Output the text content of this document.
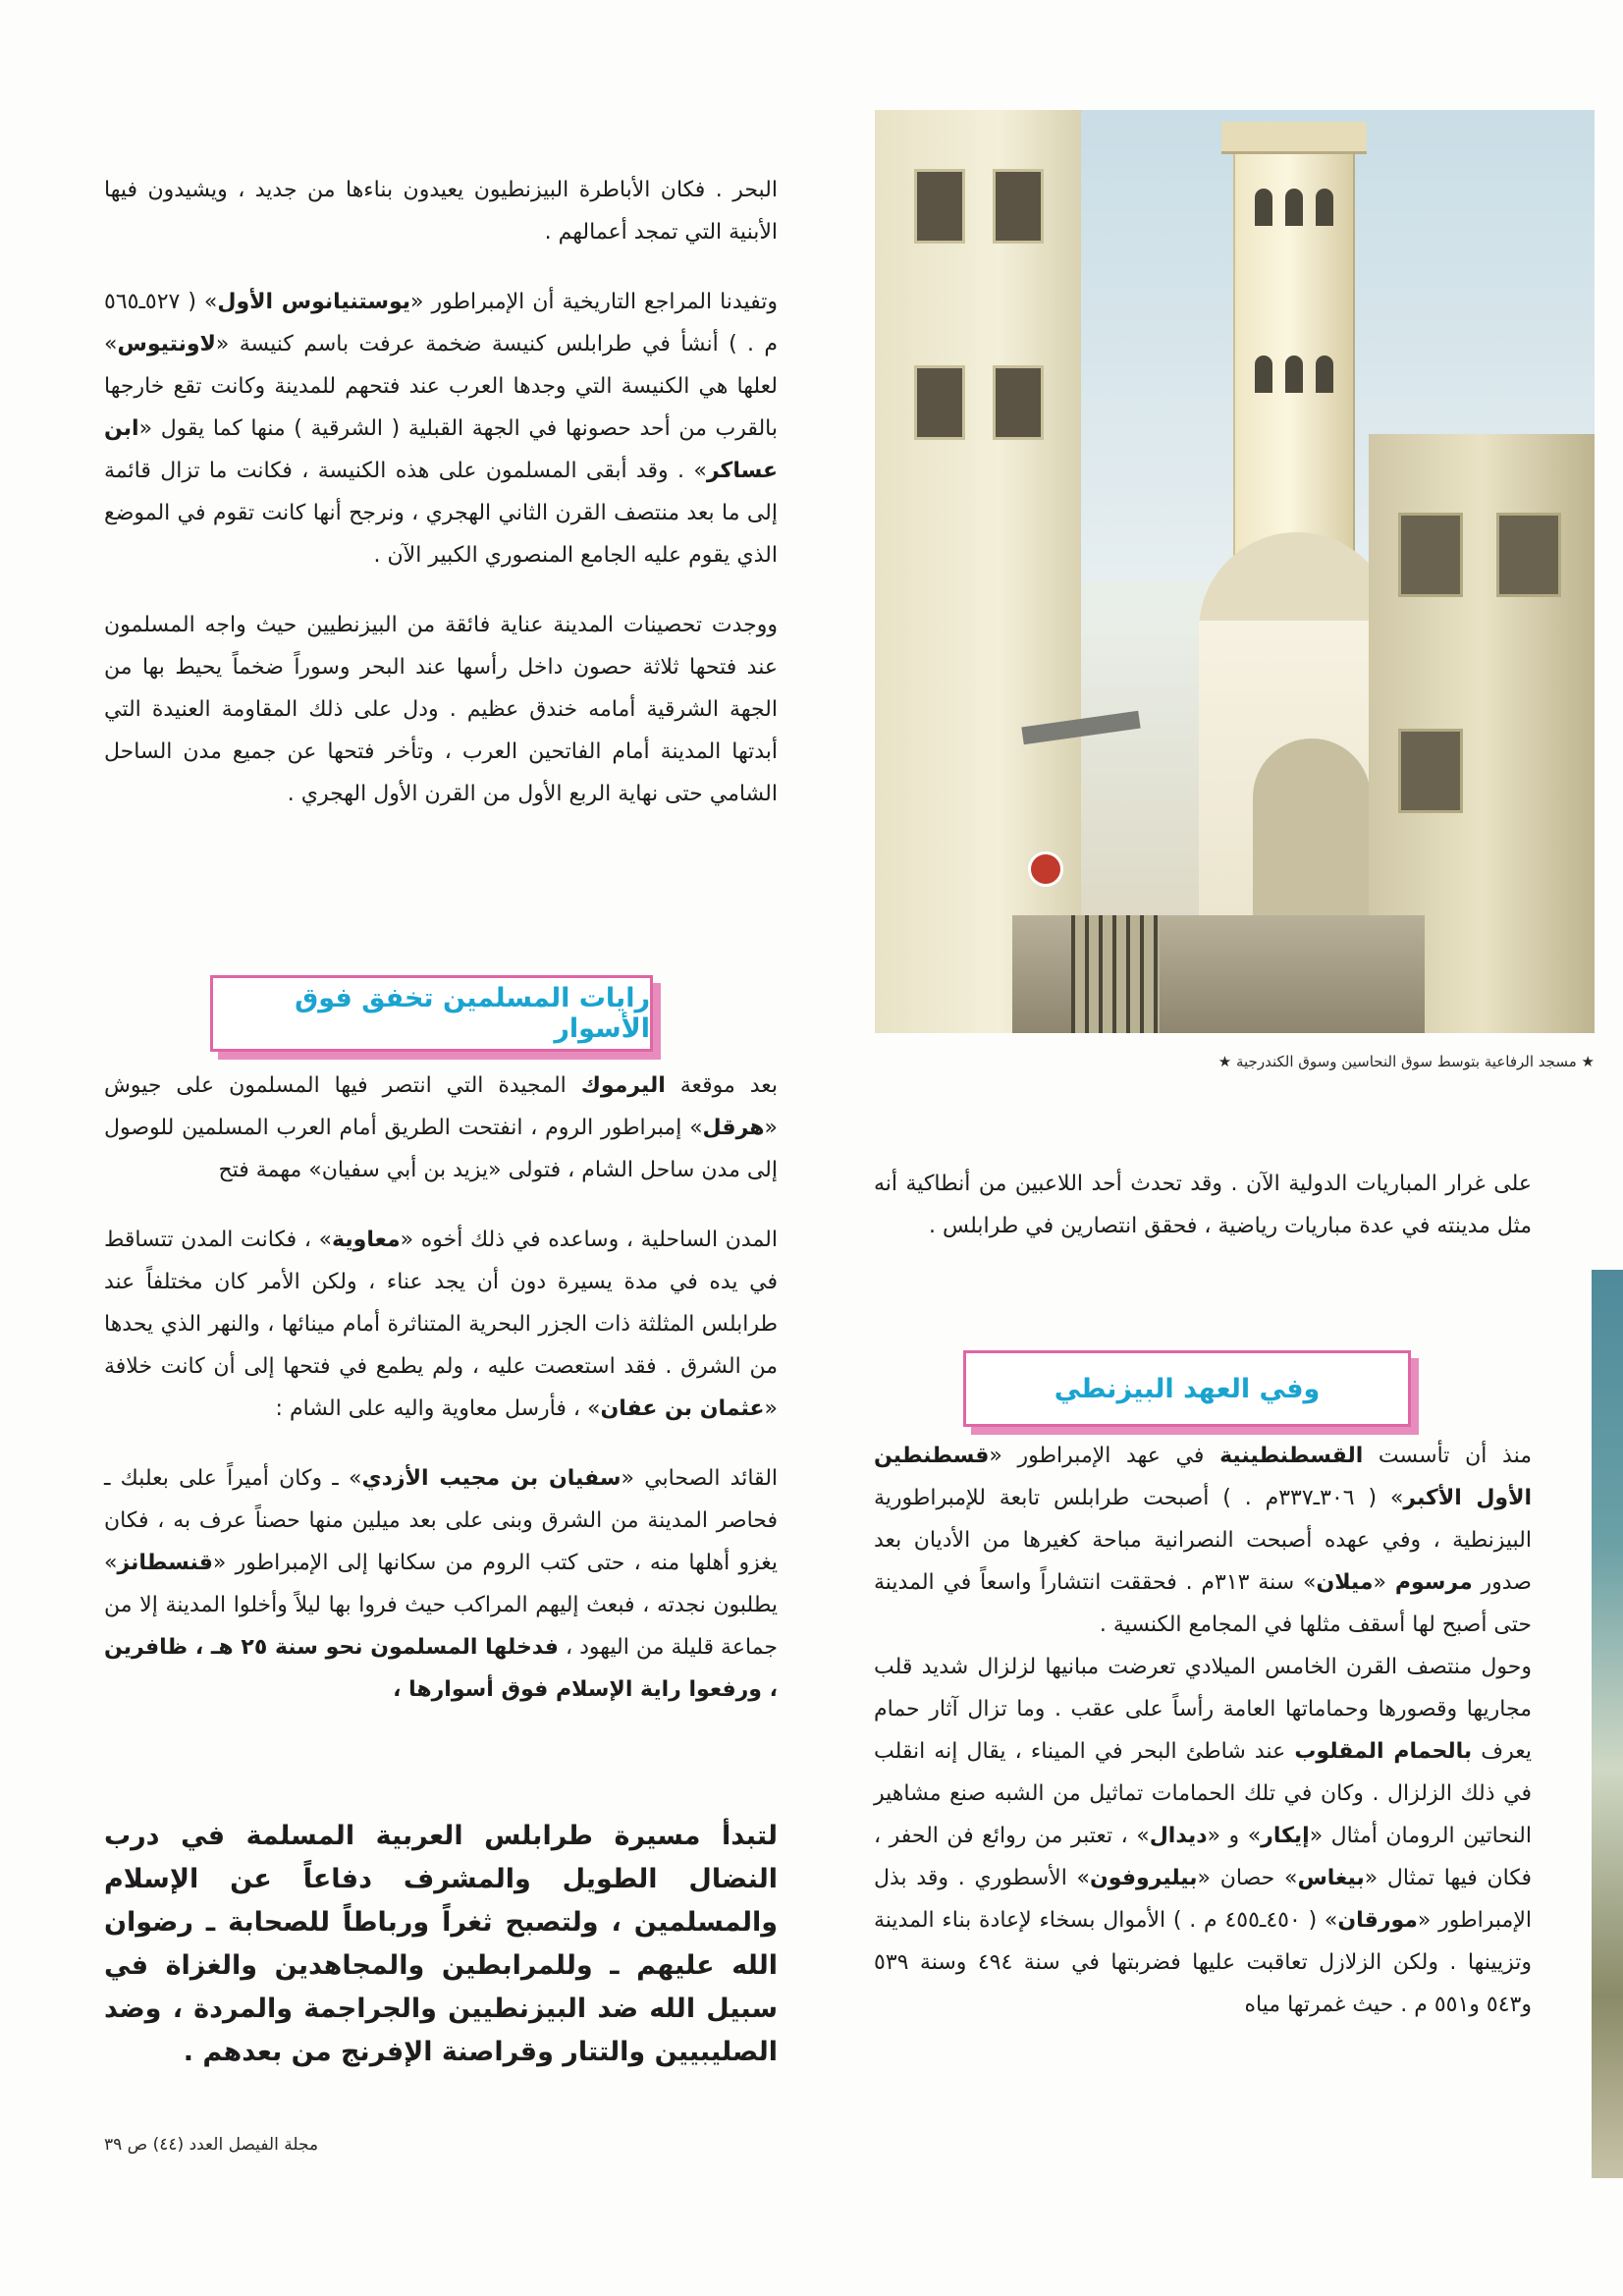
★ مسجد الرفاعية بتوسط سوق النحاسين وسوق الكندرجية ★

البحر . فكان الأباطرة البيزنطيون يعيدون بناءها من جديد ، ويشيدون فيها الأبنية التي تمجد أعمالهم .

وتفيدنا المراجع التاريخية أن الإمبراطور «يوستنيانوس الأول» ( ٥٢٧ـ٥٦٥ م . ) أنشأ في طرابلس كنيسة ضخمة عرفت باسم كنيسة «لاونتيوس» لعلها هي الكنيسة التي وجدها العرب عند فتحهم للمدينة وكانت تقع خارجها بالقرب من أحد حصونها في الجهة القبلية ( الشرقية ) منها كما يقول «ابن عساكر» . وقد أبقى المسلمون على هذه الكنيسة ، فكانت ما تزال قائمة إلى ما بعد منتصف القرن الثاني الهجري ، ونرجح أنها كانت تقوم في الموضع الذي يقوم عليه الجامع المنصوري الكبير الآن .

ووجدت تحصينات المدينة عناية فائقة من البيزنطيين حيث واجه المسلمون عند فتحها ثلاثة حصون داخل رأسها عند البحر وسوراً ضخماً يحيط بها من الجهة الشرقية أمامه خندق عظيم . ودل على ذلك المقاومة العنيدة التي أبدتها المدينة أمام الفاتحين العرب ، وتأخر فتحها عن جميع مدن الساحل الشامي حتى نهاية الربع الأول من القرن الأول الهجري .

رايات المسلمين تخفق فوق الأسوار

بعد موقعة اليرموك المجيدة التي انتصر فيها المسلمون على جيوش «هرقل» إمبراطور الروم ، انفتحت الطريق أمام العرب المسلمين للوصول إلى مدن ساحل الشام ، فتولى «يزيد بن أبي سفيان» مهمة فتح

المدن الساحلية ، وساعده في ذلك أخوه «معاوية» ، فكانت المدن تتساقط في يده في مدة يسيرة دون أن يجد عناء ، ولكن الأمر كان مختلفاً عند طرابلس المثلثة ذات الجزر البحرية المتناثرة أمام مينائها ، والنهر الذي يحدها من الشرق . فقد استعصت عليه ، ولم يطمع في فتحها إلى أن كانت خلافة «عثمان بن عفان» ، فأرسل معاوية واليه على الشام :

القائد الصحابي «سفيان بن مجيب الأزدي» ـ وكان أميراً على بعلبك ـ فحاصر المدينة من الشرق وبنى على بعد ميلين منها حصناً عرف به ، فكان يغزو أهلها منه ، حتى كتب الروم من سكانها إلى الإمبراطور «قنسطانز» يطلبون نجدته ، فبعث إليهم المراكب حيث فروا بها ليلاً وأخلوا المدينة إلا من جماعة قليلة من اليهود ، فدخلها المسلمون نحو سنة ٢٥ هـ ، ظافرين ، ورفعوا راية الإسلام فوق أسوارها ،

لتبدأ مسيرة طرابلس العربية المسلمة في درب النضال الطويل والمشرف دفاعاً عن الإسلام والمسلمين ، ولتصبح ثغراً ورباطاً للصحابة ـ رضوان الله عليهم ـ وللمرابطين والمجاهدين والغزاة في سبيل الله ضد البيزنطيين والجراجمة والمردة ، وضد الصليبيين والتتار وقراصنة الإفرنج من بعدهم .

على غرار المباريات الدولية الآن . وقد تحدث أحد اللاعبين من أنطاكية أنه مثل مدينته في عدة مباريات رياضية ، فحقق انتصارين في طرابلس .

وفي العهد البيزنطي

منذ أن تأسست القسطنطينية في عهد الإمبراطور «قسطنطين الأول الأكبر» ( ٣٠٦ـ٣٣٧م . ) أصبحت طرابلس تابعة للإمبراطورية البيزنطية ، وفي عهده أصبحت النصرانية مباحة كغيرها من الأديان بعد صدور مرسوم «ميلان» سنة ٣١٣م . فحققت انتشاراً واسعاً في المدينة حتى أصبح لها أسقف مثلها في المجامع الكنسية .

وحول منتصف القرن الخامس الميلادي تعرضت مبانيها لزلزال شديد قلب مجاريها وقصورها وحماماتها العامة رأساً على عقب . وما تزال آثار حمام يعرف بالحمام المقلوب عند شاطئ البحر في الميناء ، يقال إنه انقلب في ذلك الزلزال . وكان في تلك الحمامات تماثيل من الشبه صنع مشاهير النحاتين الرومان أمثال «إيكار» و «ديدال» ، تعتبر من روائع فن الحفر ، فكان فيها تمثال «بيغاس» حصان «بيليروفون» الأسطوري . وقد بذل الإمبراطور «مورقان» ( ٤٥٠ـ٤٥٥ م . ) الأموال بسخاء لإعادة بناء المدينة وتزيينها . ولكن الزلازل تعاقبت عليها فضربتها في سنة ٤٩٤ وسنة ٥٣٩ و٥٤٣ و٥٥١ م . حيث غمرتها مياه

مجلة الفيصل العدد (٤٤) ص ٣٩
